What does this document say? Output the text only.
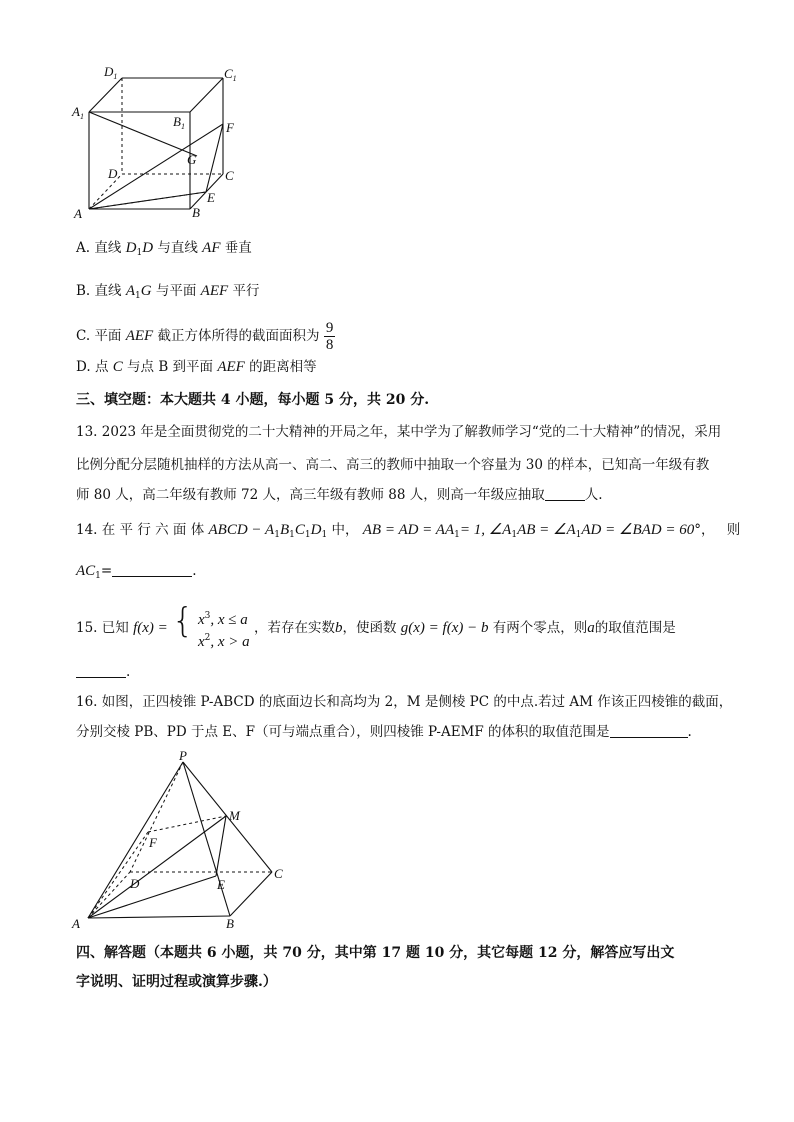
$D_1$	$C_1$
$A_1$	$B_1$	F
G
D	C
E
A	B
A. 直线 $D_1D$ 与直线 AF 垂直
B. 直线 $A_1G$ 与平面 AEF 平行
C. 平面 AEF 截正方体所得的截面面积为 $\frac{9}{8}$
D. 点 C 与点 B 到平面 AEF 的距离相等
三、填空题：本大题共 4 小题，每小题 5 分，共 20 分.
13. 2023 年是全面贯彻党的二十大精神的开局之年，某中学为了解教师学习“党的二十大精神”的情况，采用
比例分配分层随机抽样的方法从高一、高二、高三的教师中抽取一个容量为 30 的样本，已知高一年级有教
师 80 人，高二年级有教师 72 人，高三年级有教师 88 人，则高一年级应抽取	人.
14. 在 平 行 六 面 体 ABCD − $A_1B_1C_1D_1$ 中， AB = AD = $AA_1= 1$, $\angle A_1AB$ = $\angle A_1AD$ = ∠BAD = 60°， 则
$AC_1=$	.
15. 已知 f(x) = { $x^3$, x ≤ a
$x^2$, x > a
，若存在实数b，使函数 g(x) = f(x) − b 有两个零点，则a的取值范围是
.
16. 如图，正四棱锥 P-ABCD 的底面边长和高均为 2，M 是侧棱 PC 的中点.若过 AM 作该正四棱锥的截面，
分别交棱 PB、PD 于点 E、F（可与端点重合），则四棱锥 P-AEMF 的体积的取值范围是	.
P
M
F
D	E
C
A	B
四、解答题（本题共 6 小题，共 70 分，其中第 17 题 10 分，其它每题 12 分，解答应写出文
字说明、证明过程或演算步骤.）
